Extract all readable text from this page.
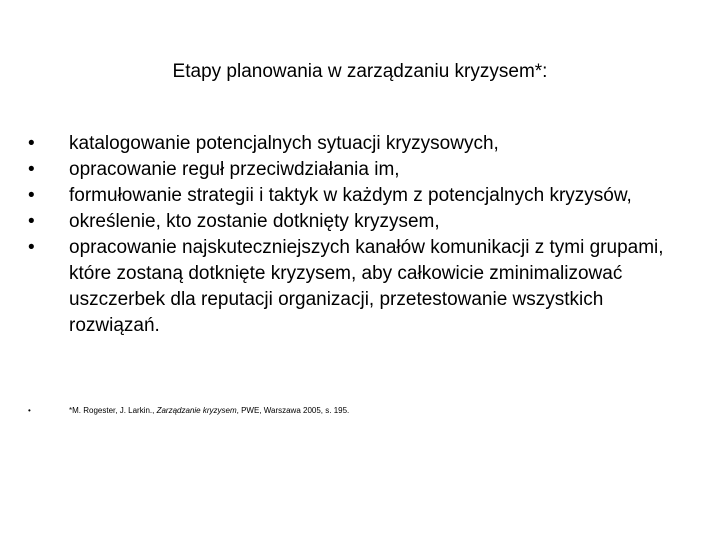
Etapy planowania w zarządzaniu kryzysem*:
• katalogowanie potencjalnych sytuacji kryzysowych,
• opracowanie reguł przeciwdziałania im,
• formułowanie strategii i taktyk w każdym z potencjalnych kryzysów,
• określenie, kto zostanie dotknięty kryzysem,
• opracowanie najskuteczniejszych kanałów komunikacji z tymi grupami, które zostaną dotknięte kryzysem, aby całkowicie zminimalizować uszczerbek dla reputacji organizacji, przetestowanie wszystkich rozwiązań.
•	*M. Rogester, J. Larkin., Zarządzanie kryzysem, PWE, Warszawa 2005, s. 195.
